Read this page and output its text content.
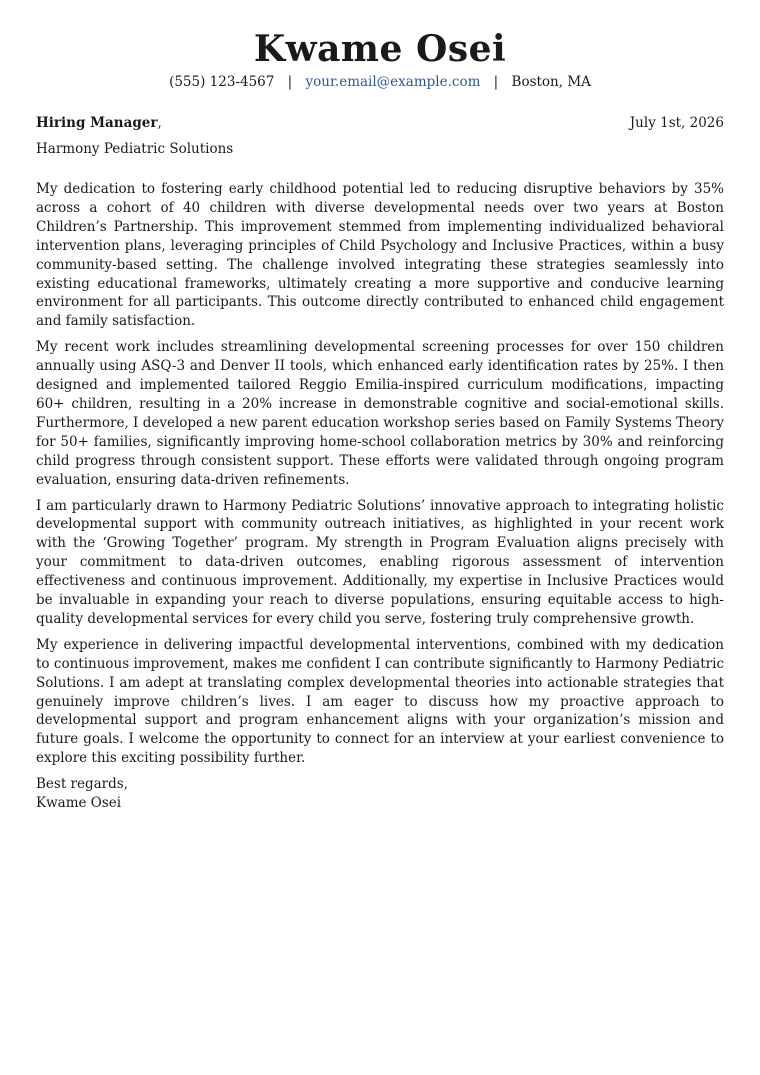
Kwame Osei
(555) 123-4567 | your.email@example.com | Boston, MA
Hiring Manager,	July 1st, 2026
Harmony Pediatric Solutions

My dedication to fostering early childhood potential led to reducing disruptive behaviors by 35% across a cohort of 40 children with diverse developmental needs over two years at Boston Children’s Partnership. This improvement stemmed from implementing individualized behavioral intervention plans, leveraging principles of Child Psychology and Inclusive Practices, within a busy community-based setting. The challenge involved integrating these strategies seamlessly into existing educational frameworks, ultimately creating a more supportive and conducive learning environment for all participants. This outcome directly contributed to enhanced child engagement and family satisfaction.

My recent work includes streamlining developmental screening processes for over 150 children annually using ASQ-3 and Denver II tools, which enhanced early identification rates by 25%. I then designed and implemented tailored Reggio Emilia-inspired curriculum modifications, impacting 60+ children, resulting in a 20% increase in demonstrable cognitive and social-emotional skills. Furthermore, I developed a new parent education workshop series based on Family Systems Theory for 50+ families, significantly improving home-school collaboration metrics by 30% and reinforcing child progress through consistent support. These efforts were validated through ongoing program evaluation, ensuring data-driven refinements.

I am particularly drawn to Harmony Pediatric Solutions’ innovative approach to integrating holistic developmental support with community outreach initiatives, as highlighted in your recent work with the ‘Growing Together’ program. My strength in Program Evaluation aligns precisely with your commitment to data-driven outcomes, enabling rigorous assessment of intervention effectiveness and continuous improvement. Additionally, my expertise in Inclusive Practices would be invaluable in expanding your reach to diverse populations, ensuring equitable access to high-quality developmental services for every child you serve, fostering truly comprehensive growth.

My experience in delivering impactful developmental interventions, combined with my dedication to continuous improvement, makes me confident I can contribute significantly to Harmony Pediatric Solutions. I am adept at translating complex developmental theories into actionable strategies that genuinely improve children’s lives. I am eager to discuss how my proactive approach to developmental support and program enhancement aligns with your organization’s mission and future goals. I welcome the opportunity to connect for an interview at your earliest convenience to explore this exciting possibility further.

Best regards,
Kwame Osei
